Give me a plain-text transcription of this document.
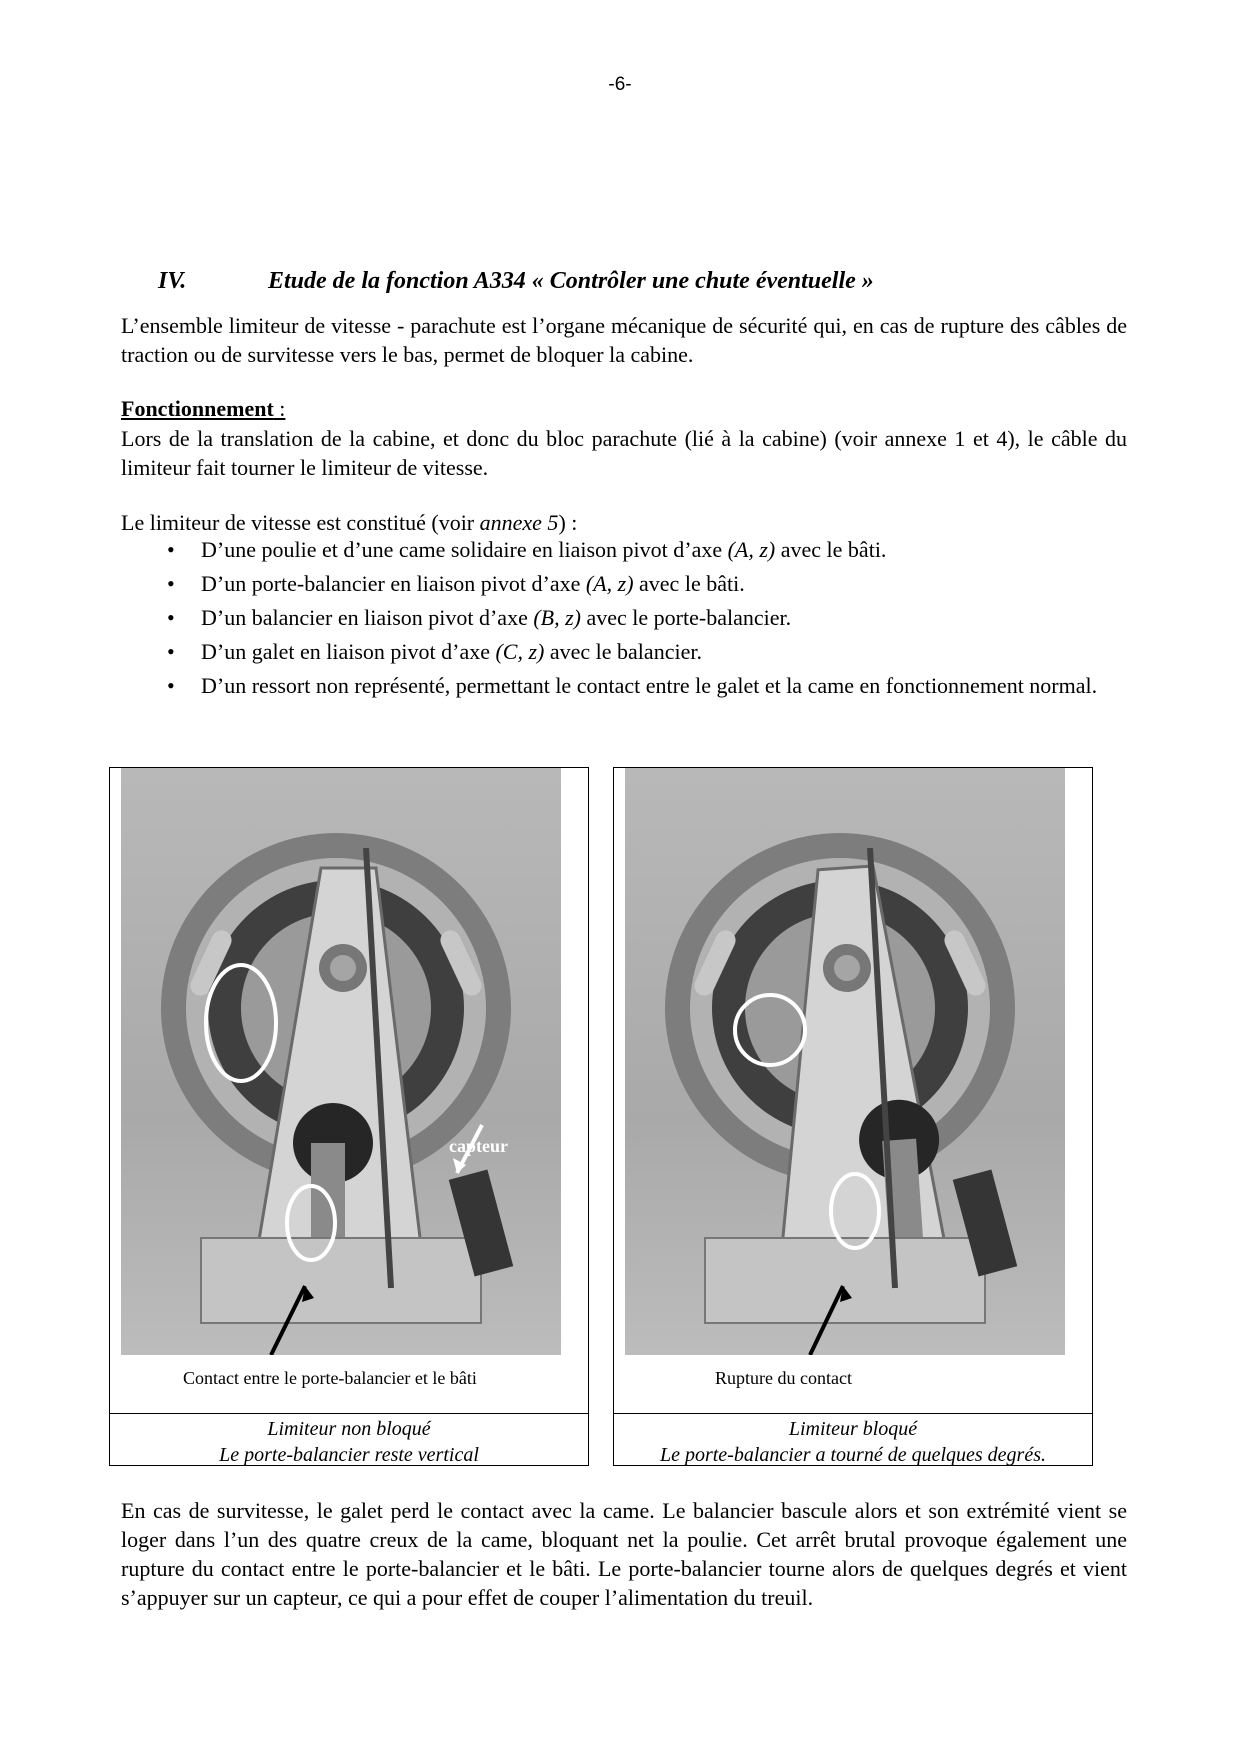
-6-
IV.	Etude de la fonction A334 « Contrôler une chute éventuelle »
L’ensemble limiteur de vitesse - parachute est l’organe mécanique de sécurité qui, en cas de rupture des câbles de traction ou de survitesse vers le bas, permet de bloquer la cabine.
Fonctionnement :
Lors de la translation de la cabine, et donc du bloc parachute (lié à la cabine) (voir annexe 1 et 4), le câble du limiteur fait tourner le limiteur de vitesse.
Le limiteur de vitesse est constitué (voir annexe 5) :
• D’une poulie et d’une came solidaire en liaison pivot d’axe (A, z) avec le bâti.
• D’un porte-balancier en liaison pivot d’axe (A, z) avec le bâti.
• D’un balancier en liaison pivot d’axe (B, z) avec le porte-balancier.
• D’un galet en liaison pivot d’axe (C, z) avec le balancier.
• D’un ressort non représenté, permettant le contact entre le galet et la came en fonctionnement normal.
capteur
Contact entre le porte-balancier et le bâti
Limiteur non bloqué
Le porte-balancier reste vertical
Rupture du contact
Limiteur bloqué
Le porte-balancier a tourné de quelques degrés.
En cas de survitesse, le galet perd le contact avec la came. Le balancier bascule alors et son extrémité vient se loger dans l’un des quatre creux de la came, bloquant net la poulie. Cet arrêt brutal provoque également une rupture du contact entre le porte-balancier et le bâti. Le porte-balancier tourne alors de quelques degrés et vient s’appuyer sur un capteur, ce qui a pour effet de couper l’alimentation du treuil.
